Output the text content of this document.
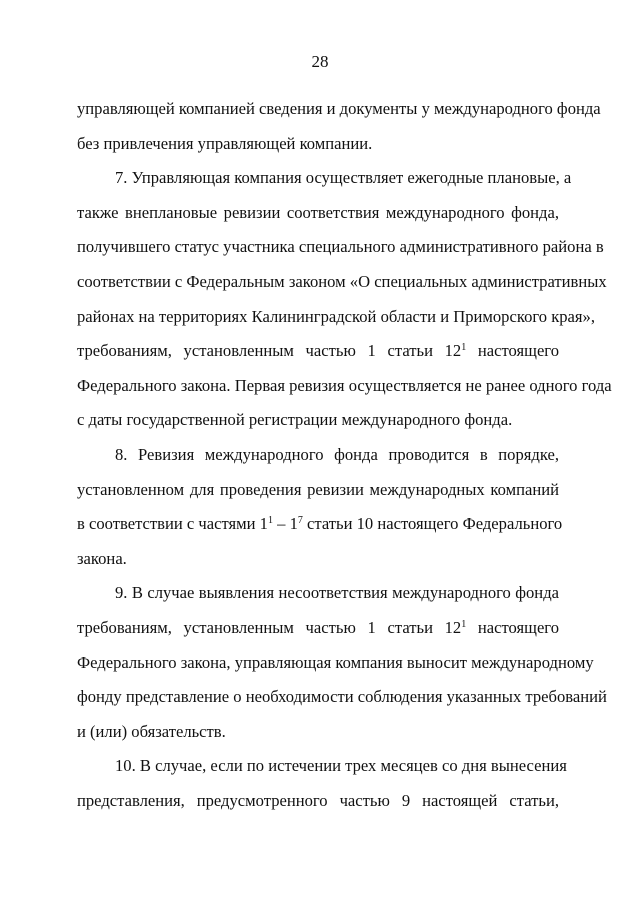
28
управляющей компанией сведения и документы у международного фонда
без привлечения управляющей компании.
7. Управляющая компания осуществляет ежегодные плановые, а
также внеплановые ревизии соответствия международного фонда,
получившего статус участника специального административного района в
соответствии с Федеральным законом «О специальных административных
районах на территориях Калининградской области и Приморского края»,
требованиям, установленным частью 1 статьи $12^1$ настоящего
Федерального закона. Первая ревизия осуществляется не ранее одного года
с даты государственной регистрации международного фонда.
8. Ревизия международного фонда проводится в порядке,
установленном для проведения ревизии международных компаний
в соответствии с частями $1^1 - 1^7$ статьи 10 настоящего Федерального
закона.
9. В случае выявления несоответствия международного фонда
требованиям, установленным частью 1 статьи $12^1$ настоящего
Федерального закона, управляющая компания выносит международному
фонду представление о необходимости соблюдения указанных требований
и (или) обязательств.
10. В случае, если по истечении трех месяцев со дня вынесения
представления, предусмотренного частью 9 настоящей статьи,
